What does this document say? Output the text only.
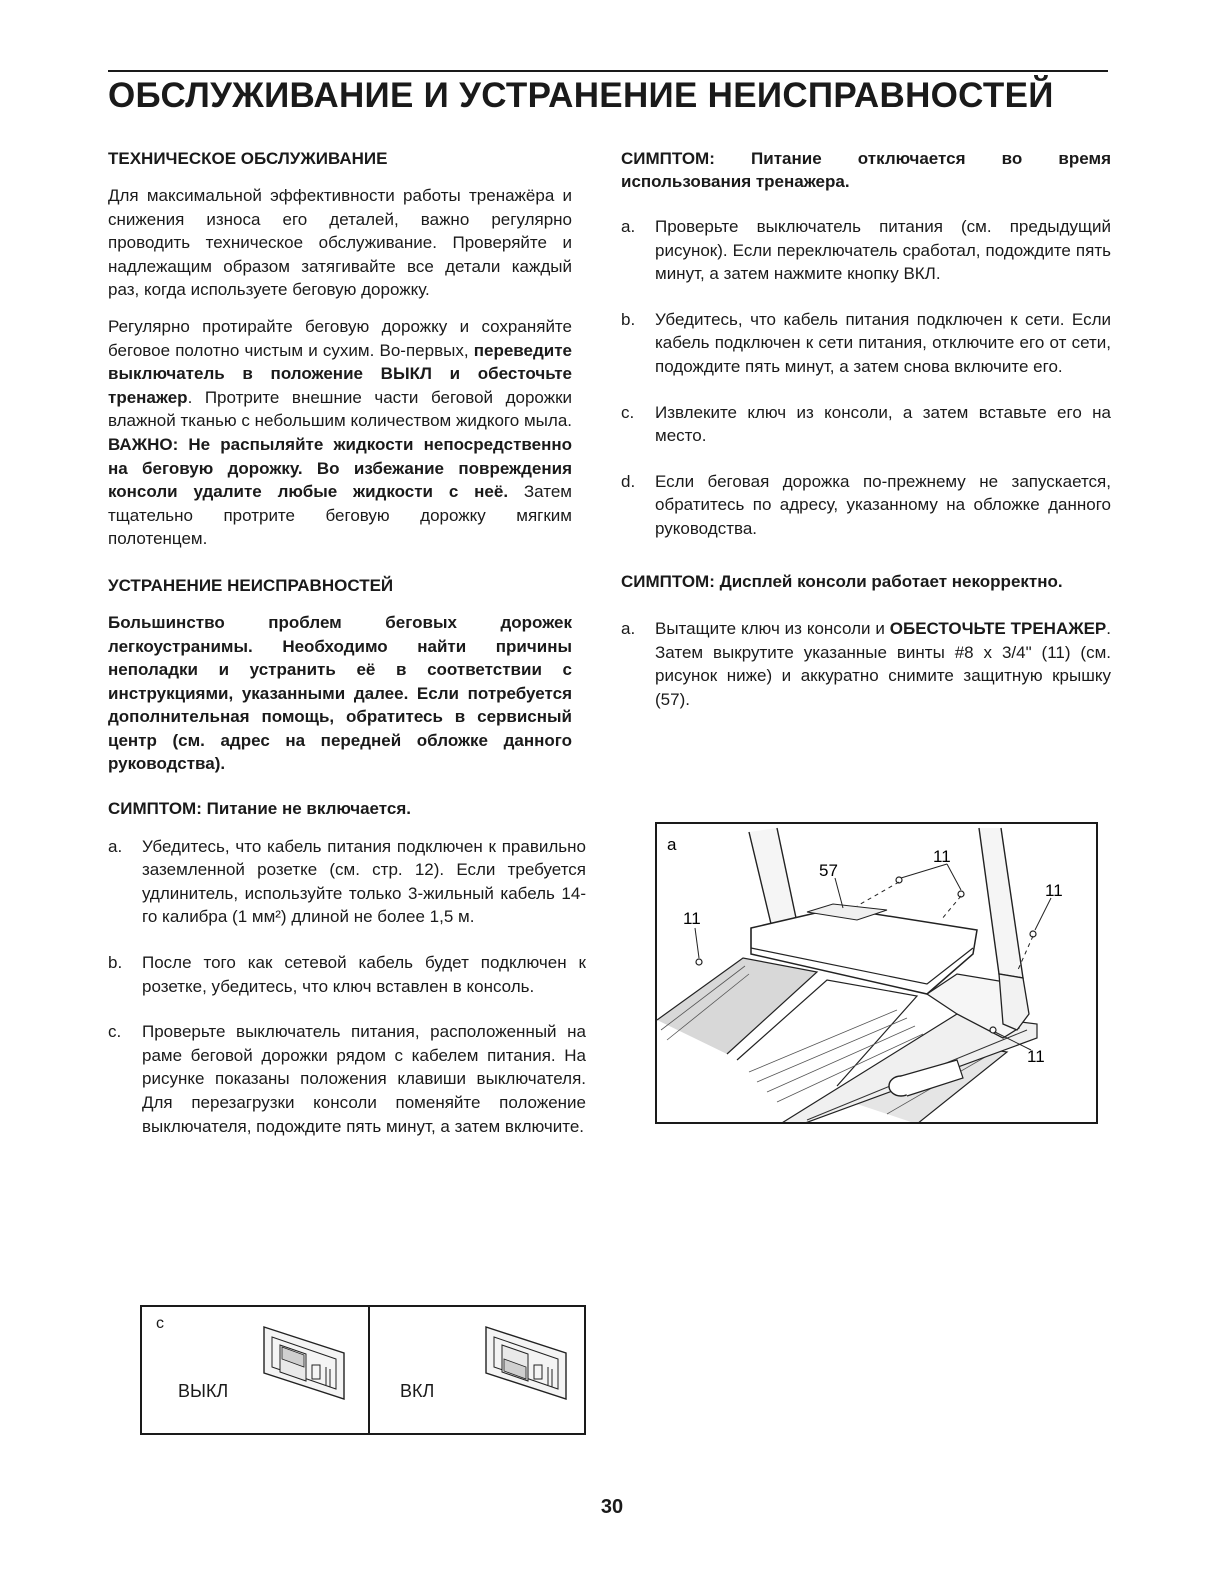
ОБСЛУЖИВАНИЕ И УСТРАНЕНИЕ НЕИСПРАВНОСТЕЙ
ТЕХНИЧЕСКОЕ ОБСЛУЖИВАНИЕ

Для максимальной эффективности работы тренажёра и снижения износа его деталей, важно регулярно проводить техническое обслуживание. Проверяйте и надлежащим образом затягивайте все детали каждый раз, когда используете беговую дорожку.

Регулярно протирайте беговую дорожку и сохраняйте беговое полотно чистым и сухим. Во-первых, переведите выключатель в положение ВЫКЛ и обесточьте тренажер. Протрите внешние части беговой дорожки влажной тканью с небольшим количеством жидкого мыла. ВАЖНО: Не распыляйте жидкости непосредственно на беговую дорожку. Во избежание повреждения консоли удалите любые жидкости с неё. Затем тщательно протрите беговую дорожку мягким полотенцем.

УСТРАНЕНИЕ НЕИСПРАВНОСТЕЙ

Большинство проблем беговых дорожек легкоустранимы. Необходимо найти причины неполадки и устранить её в соответствии с инструкциями, указанными далее. Если потребуется дополнительная помощь, обратитесь в сервисный центр (см. адрес на передней обложке данного руководства).

СИМПТОМ: Питание не включается.
a.	Убедитесь, что кабель питания подключен к правильно заземленной розетке (см. стр. 12). Если требуется удлинитель, используйте только 3-жильный кабель 14-го калибра (1 мм²) длиной не более 1,5 м.
b.	После того как сетевой кабель будет подключен к розетке, убедитесь, что ключ вставлен в консоль.
c.	Проверьте выключатель питания, расположенный на раме беговой дорожки рядом с кабелем питания. На рисунке показаны положения клавиши выключателя. Для перезагрузки консоли поменяйте положение выключателя, подождите пять минут, а затем включите.
c
ВЫКЛ	ВКЛ
СИМПТОМ: Питание отключается во время использования тренажера.
a.	Проверьте выключатель питания (см. предыдущий рисунок). Если переключатель сработал, подождите пять минут, а затем нажмите кнопку ВКЛ.
b.	Убедитесь, что кабель питания подключен к сети. Если кабель подключен к сети питания, отключите его от сети, подождите пять минут, а затем снова включите его.
c.	Извлеките ключ из консоли, а затем вставьте его на место.
d.	Если беговая дорожка по-прежнему не запускается, обратитесь по адресу, указанному на обложке данного руководства.
СИМПТОМ: Дисплей консоли работает некорректно.
a.	Вытащите ключ из консоли и ОБЕСТОЧЬТЕ ТРЕНАЖЕР. Затем выкрутите указанные винты #8 x 3/4" (11) (см. рисунок ниже) и аккуратно снимите защитную крышку (57).
a
57
11
11
11
11
30
